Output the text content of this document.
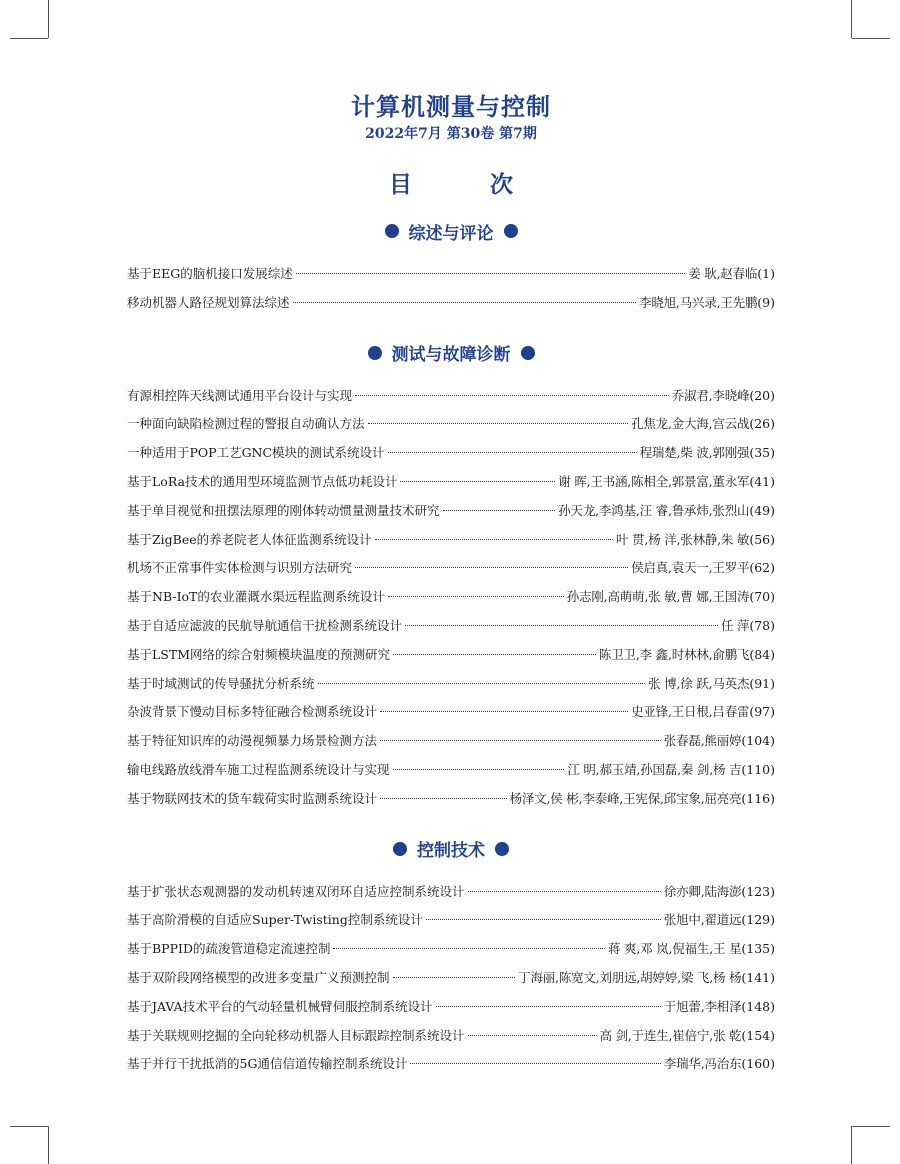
计算机测量与控制
2022年7月 第30卷 第7期
目 次
综述与评论
基于EEG的脑机接口发展综述	姜 耿,赵春临 (1)
移动机器人路径规划算法综述	李晓旭,马兴录,王先鹏 (9)
测试与故障诊断
有源相控阵天线测试通用平台设计与实现	乔淑君,李晓峰 (20)
一种面向缺陷检测过程的警报自动确认方法	孔焦龙,金大海,宫云战 (26)
一种适用于POP工艺GNC模块的测试系统设计	程瑞楚,柴 波,郭刚强 (35)
基于LoRa技术的通用型环境监测节点低功耗设计	谢 晖,王书涵,陈相全,郭景富,董永军 (41)
基于单目视觉和扭摆法原理的刚体转动惯量测量技术研究	孙天龙,李鸿基,汪 睿,鲁承炜,张烈山 (49)
基于ZigBee的养老院老人体征监测系统设计	叶 贯,杨 洋,张林静,朱 敏 (56)
机场不正常事件实体检测与识别方法研究	侯启真,袁天一,王罗平 (62)
基于NB-IoT的农业灌溉水渠远程监测系统设计	孙志刚,高萌萌,张 敏,曹 娜,王国涛 (70)
基于自适应滤波的民航导航通信干扰检测系统设计	任 萍 (78)
基于LSTM网络的综合射频模块温度的预测研究	陈卫卫,李 鑫,时林林,俞鹏飞 (84)
基于时域测试的传导骚扰分析系统	张 博,徐 跃,马英杰 (91)
杂波背景下慢动目标多特征融合检测系统设计	史亚锋,王日根,吕春雷 (97)
基于特征知识库的动漫视频暴力场景检测方法	张春磊,熊丽婷 (104)
输电线路放线滑车施工过程监测系统设计与实现	江 明,郝玉靖,孙国磊,秦 剑,杨 吉 (110)
基于物联网技术的货车载荷实时监测系统设计	杨泽文,侯 彬,李泰峰,王宪保,邱宝象,屈亮亮 (116)
控制技术
基于扩张状态观测器的发动机转速双闭环自适应控制系统设计	徐亦卿,陆海澎 (123)
基于高阶滑模的自适应Super-Twisting控制系统设计	张旭中,翟道远 (129)
基于BPPID的疏浚管道稳定流速控制	蒋 爽,邓 岚,倪福生,王 星 (135)
基于双阶段网络模型的改进多变量广义预测控制	丁海丽,陈宽文,刘朋远,胡婷婷,梁 飞,杨 杨 (141)
基于JAVA技术平台的气动轻量机械臂伺服控制系统设计	于旭蕾,李相泽 (148)
基于关联规则挖掘的全向轮移动机器人目标跟踪控制系统设计	高 剑,于连生,崔倍宁,张 乾 (154)
基于并行干扰抵消的5G通信信道传输控制系统设计	李瑞华,冯治东 (160)
